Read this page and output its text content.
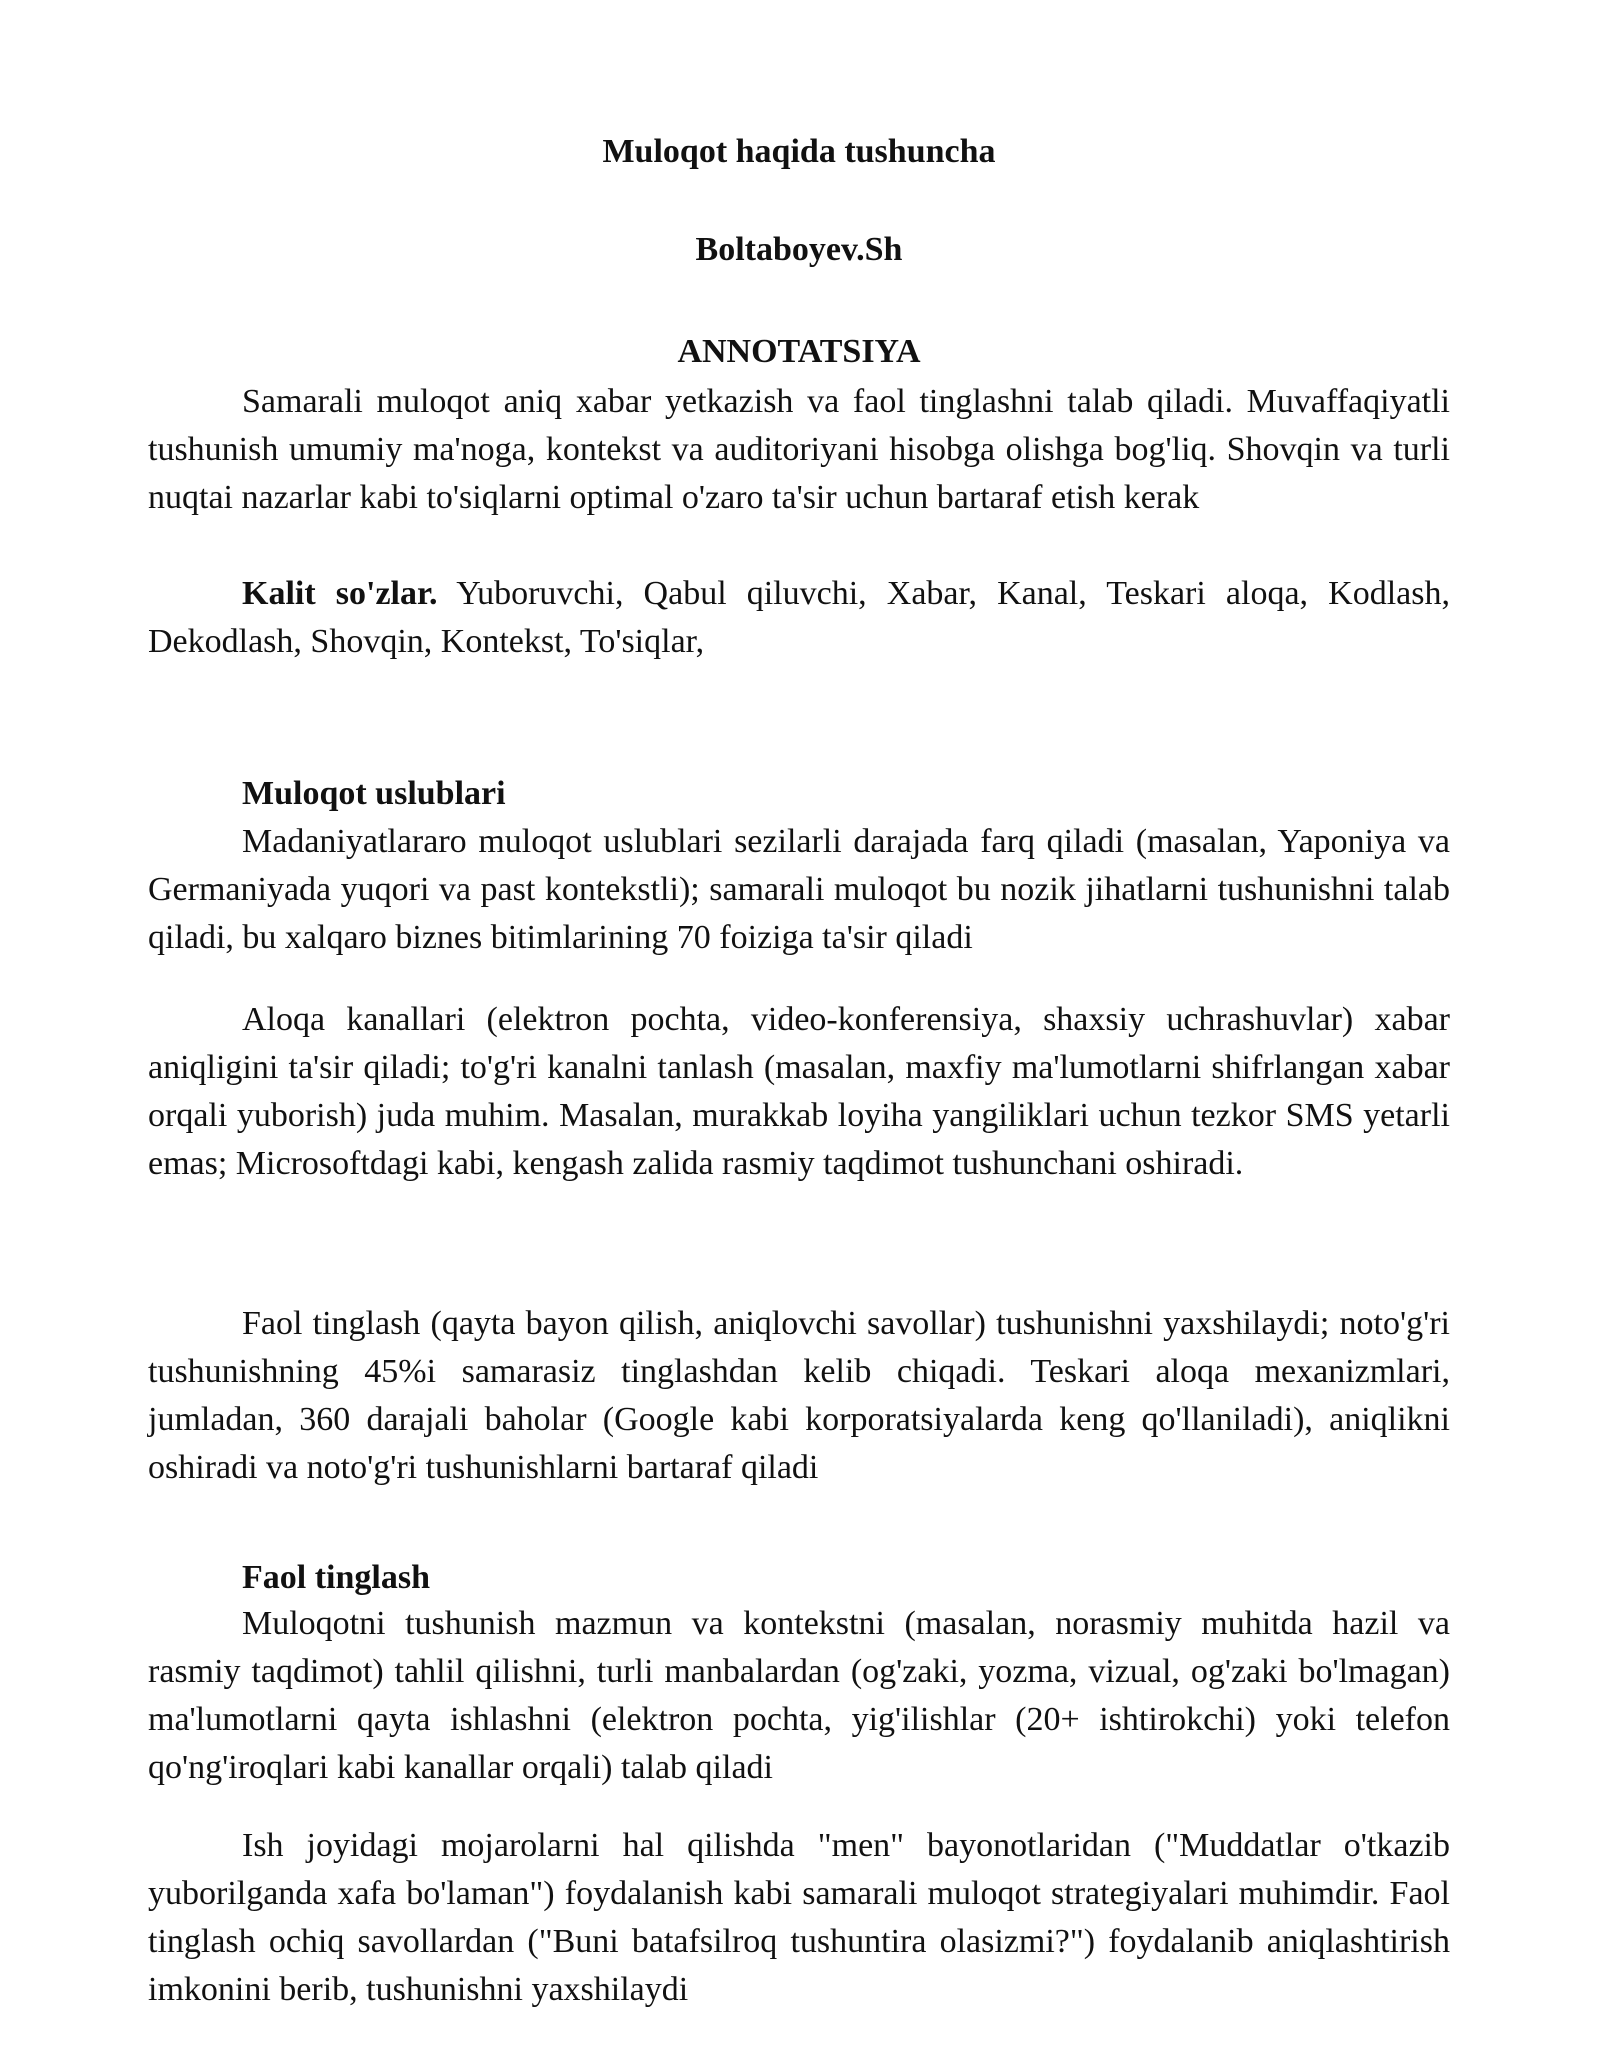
Muloqot haqida tushuncha
Boltaboyev.Sh
ANNOTATSIYA

Samarali muloqot aniq xabar yetkazish va faol tinglashni talab qiladi. Muvaffaqiyatli tushunish umumiy ma'noga, kontekst va auditoriyani hisobga olishga bog'liq. Shovqin va turli nuqtai nazarlar kabi to'siqlarni optimal o'zaro ta'sir uchun bartaraf etish kerak

Kalit so'zlar. Yuboruvchi, Qabul qiluvchi, Xabar, Kanal, Teskari aloqa, Kodlash, Dekodlash, Shovqin, Kontekst, To'siqlar,

Muloqot uslublari

Madaniyatlararo muloqot uslublari sezilarli darajada farq qiladi (masalan, Yaponiya va Germaniyada yuqori va past kontekstli); samarali muloqot bu nozik jihatlarni tushunishni talab qiladi, bu xalqaro biznes bitimlarining 70 foiziga ta'sir qiladi

Aloqa kanallari (elektron pochta, video-konferensiya, shaxsiy uchrashuvlar) xabar aniqligini ta'sir qiladi; to'g'ri kanalni tanlash (masalan, maxfiy ma'lumotlarni shifrlangan xabar orqali yuborish) juda muhim. Masalan, murakkab loyiha yangiliklari uchun tezkor SMS yetarli emas; Microsoftdagi kabi, kengash zalida rasmiy taqdimot tushunchani oshiradi.

Faol tinglash (qayta bayon qilish, aniqlovchi savollar) tushunishni yaxshilaydi; noto'g'ri tushunishning 45%i samarasiz tinglashdan kelib chiqadi. Teskari aloqa mexanizmlari, jumladan, 360 darajali baholar (Google kabi korporatsiyalarda keng qo'llaniladi), aniqlikni oshiradi va noto'g'ri tushunishlarni bartaraf qiladi

Faol tinglash

Muloqotni tushunish mazmun va kontekstni (masalan, norasmiy muhitda hazil va rasmiy taqdimot) tahlil qilishni, turli manbalardan (og'zaki, yozma, vizual, og'zaki bo'lmagan) ma'lumotlarni qayta ishlashni (elektron pochta, yig'ilishlar (20+ ishtirokchi) yoki telefon qo'ng'iroqlari kabi kanallar orqali) talab qiladi

Ish joyidagi mojarolarni hal qilishda "men" bayonotlaridan ("Muddatlar o'tkazib yuborilganda xafa bo'laman") foydalanish kabi samarali muloqot strategiyalari muhimdir. Faol tinglash ochiq savollardan ("Buni batafsilroq tushuntira olasizmi?") foydalanib aniqlashtirish imkonini berib, tushunishni yaxshilaydi
